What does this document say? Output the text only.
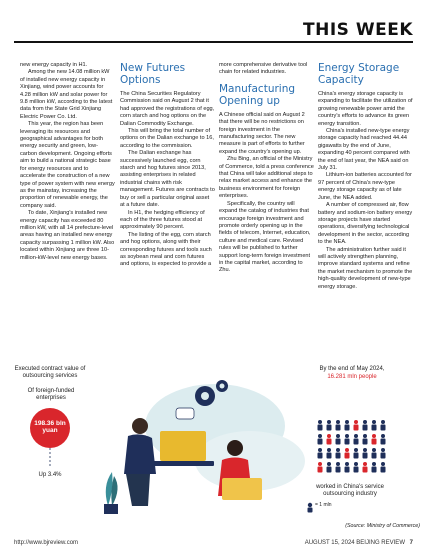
THIS WEEK

new energy capacity in H1.

Among the new 14.08 million kW of installed new energy capacity in Xinjiang, wind power accounts for 4.28 million kW and solar power for 9.8 million kW, according to the latest data from the State Grid Xinjiang Electric Power Co. Ltd.

This year, the region has been leveraging its resources and geographical advantages for both energy security and green, low-carbon development. Ongoing efforts aim to build a national strategic base for energy resources and to accelerate the construction of a new type of power system with new energy as the mainstay, increasing the proportion of renewable energy, the company said.

To date, Xinjiang's installed new energy capacity has exceeded 80 million kW, with all 14 prefecture-level areas having an installed new energy capacity surpassing 1 million kW. Also located within Xinjiang are three 10-million-kW-level new energy bases.

New Futures Options

The China Securities Regulatory Commission said on August 2 that it had approved the registrations of egg, corn starch and hog options on the Dalian Commodity Exchange.

This will bring the total number of options on the Dalian exchange to 16, according to the commission.

The Dalian exchange has successively launched egg, corn starch and hog futures since 2013, assisting enterprises in related industrial chains with risk management. Futures are contracts to buy or sell a particular original asset at a future date.

In H1, the hedging efficiency of each of the three futures stood at approximately 90 percent.

The listing of the egg, corn starch and hog options, along with their corresponding futures and tools such as soybean meal and corn futures and options, is expected to provide a

more comprehensive derivative tool chain for related industries.

Manufacturing Opening up

A Chinese official said on August 2 that there will be no restrictions on foreign investment in the manufacturing sector. The new measure is part of efforts to further expand the country's opening up.

Zhu Bing, an official of the Ministry of Commerce, told a press conference that China will take additional steps to relax market access and enhance the business environment for foreign enterprises.

Specifically, the country will expand the catalog of industries that encourage foreign investment and promote orderly opening up in the fields of telecom, Internet, education, culture and medical care. Revised rules will be published to further support long-term foreign investment in the capital market, according to Zhu.

Energy Storage Capacity

China's energy storage capacity is expanding to facilitate the utilization of growing renewable power amid the country's efforts to advance its green energy transition.

China's installed new-type energy storage capacity had reached 44.44 gigawatts by the end of June, expanding 40 percent compared with the end of last year, the NEA said on July 31.

Lithium-ion batteries accounted for 97 percent of China's new-type energy storage capacity as of late June, the NEA added.

A number of compressed air, flow battery and sodium-ion battery energy storage projects have started operations, diversifying technological development in the sector, according to the NEA.

The administration further said it will actively strengthen planning, improve standard systems and refine the market mechanism to promote the high-quality development of new-type energy storage.

Executed contract value of outsourcing services
Of foreign-funded enterprises
198.36 bln yuan
Up 3.4%
By the end of May 2024,
16.281 mln people
worked in China's service outsourcing industry
= 1 mln
(Source: Ministry of Commerce)
http://www.bjreview.com	AUGUST 15, 2024 BEIJING REVIEW 7
